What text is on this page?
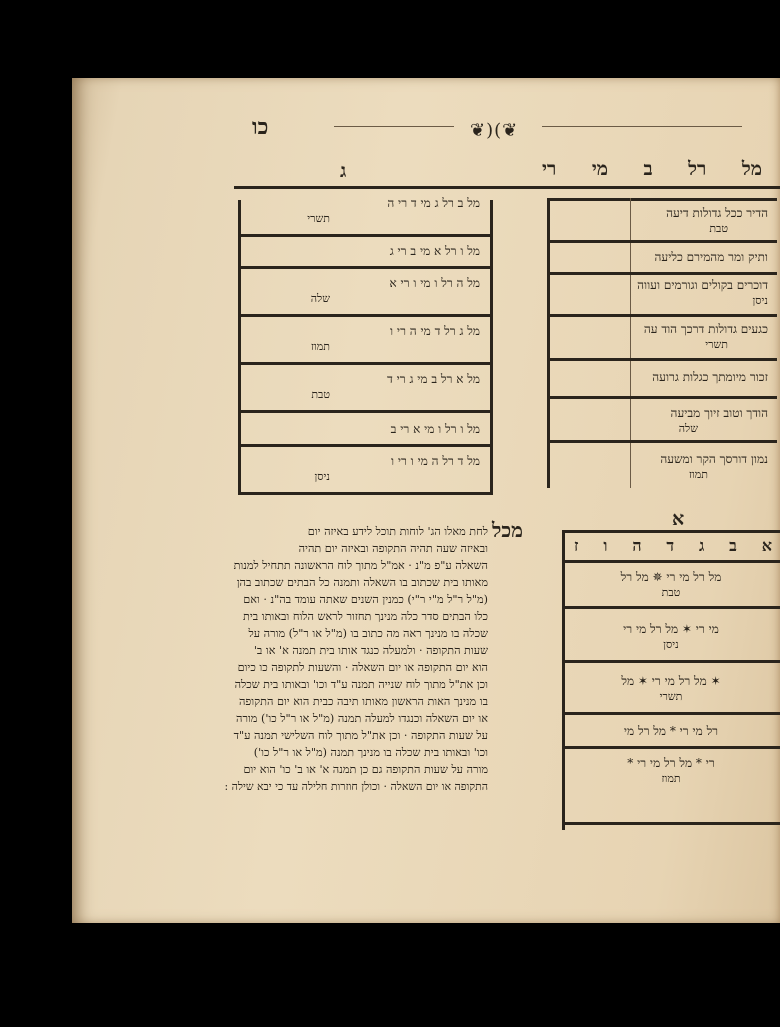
כו	❦)(❦
מל
רל
ב
מי
רי
ג
הדיר ככל גדולות דיעה
טבת
ותיק ומר מהמירם כליעה
דוכרים בקולים וגורמים ועווה
ניסן
כגעים גדולות דרכך הוד עה
תשרי
זכור מיומתך כגלות גרועה
הודך וטוב זיוך מביעה
שלה
נמון דורסך הקר ומשעה
תמוז
מל ב רל ג מי ד רי ה
תשרי
מל ו רל א מי ב רי ג
מל ה רל ו מי ו רי א
שלה
מל ג רל ד מי ה רי ו
תמוז
מל א רל ב מי ג רי ד
טבת
מל ו רל ו מי א רי ב
מל ד רל ה מי ו רי ו
ניסן
א
א
ב
ג
ד
ה
ו
ז
מל רל מי רי ✵ מל רל
טבת
מי רי ✶ מל רל מי רי
ניסן
✶ מל רל מי רי ✶ מל
תשרי
רל מי רי * מל רל מי
רי * מל רל מי רי *
תמוז
מכל
לחת מאלו הג' לוחות תוכל לידע באיזה יום
ובאיזה שעה תהיה התקופה ובאיזה יום תהיה
השאלה ע"פ מ"נ · אמ"ל מתוך לוח הראשונה תתחיל למנות
מאותו בית שכתוב בו השאלה ותמנה כל הבתים שכתוב בהן
(מ"ל ר"ל מ"י ר"י) כמנין השנים שאתה עומד בה"נ · ואם
כלו הבתים סדר כלה מנינך תחזור לראש הלוח ובאותו בית
שכלה בו מנינך ראה מה כתוב בו (מ"ל או ר"ל) מורה על
שעות התקופה · ולמעלה כנגד אותו בית תמנה א' או ב'
הוא יום התקופה או יום השאלה · והשעות לתקופה כו כיום
וכן את"ל מתוך לוח שנייה תמנה ע"ד וכו' ובאותו בית שכלה
בו מנינך האות הראשון מאותו תיבה כבית הוא יום התקופה
או יום השאלה וכנגדו למעלה תמנה (מ"ל או ר"ל כו') מורה
על שעות התקופה · וכן את"ל מתוך לוח השלישי תמנה ע"ד
וכו' ובאותו בית שכלה בו מנינך תמנה (מ"ל או ר"ל כו')
מורה על שעות התקופה גם כן תמנה א' או ב' כו' הוא יום
התקופה או יום השאלה · וכולן חוזרות חלילה עד כי יבא שילה :
